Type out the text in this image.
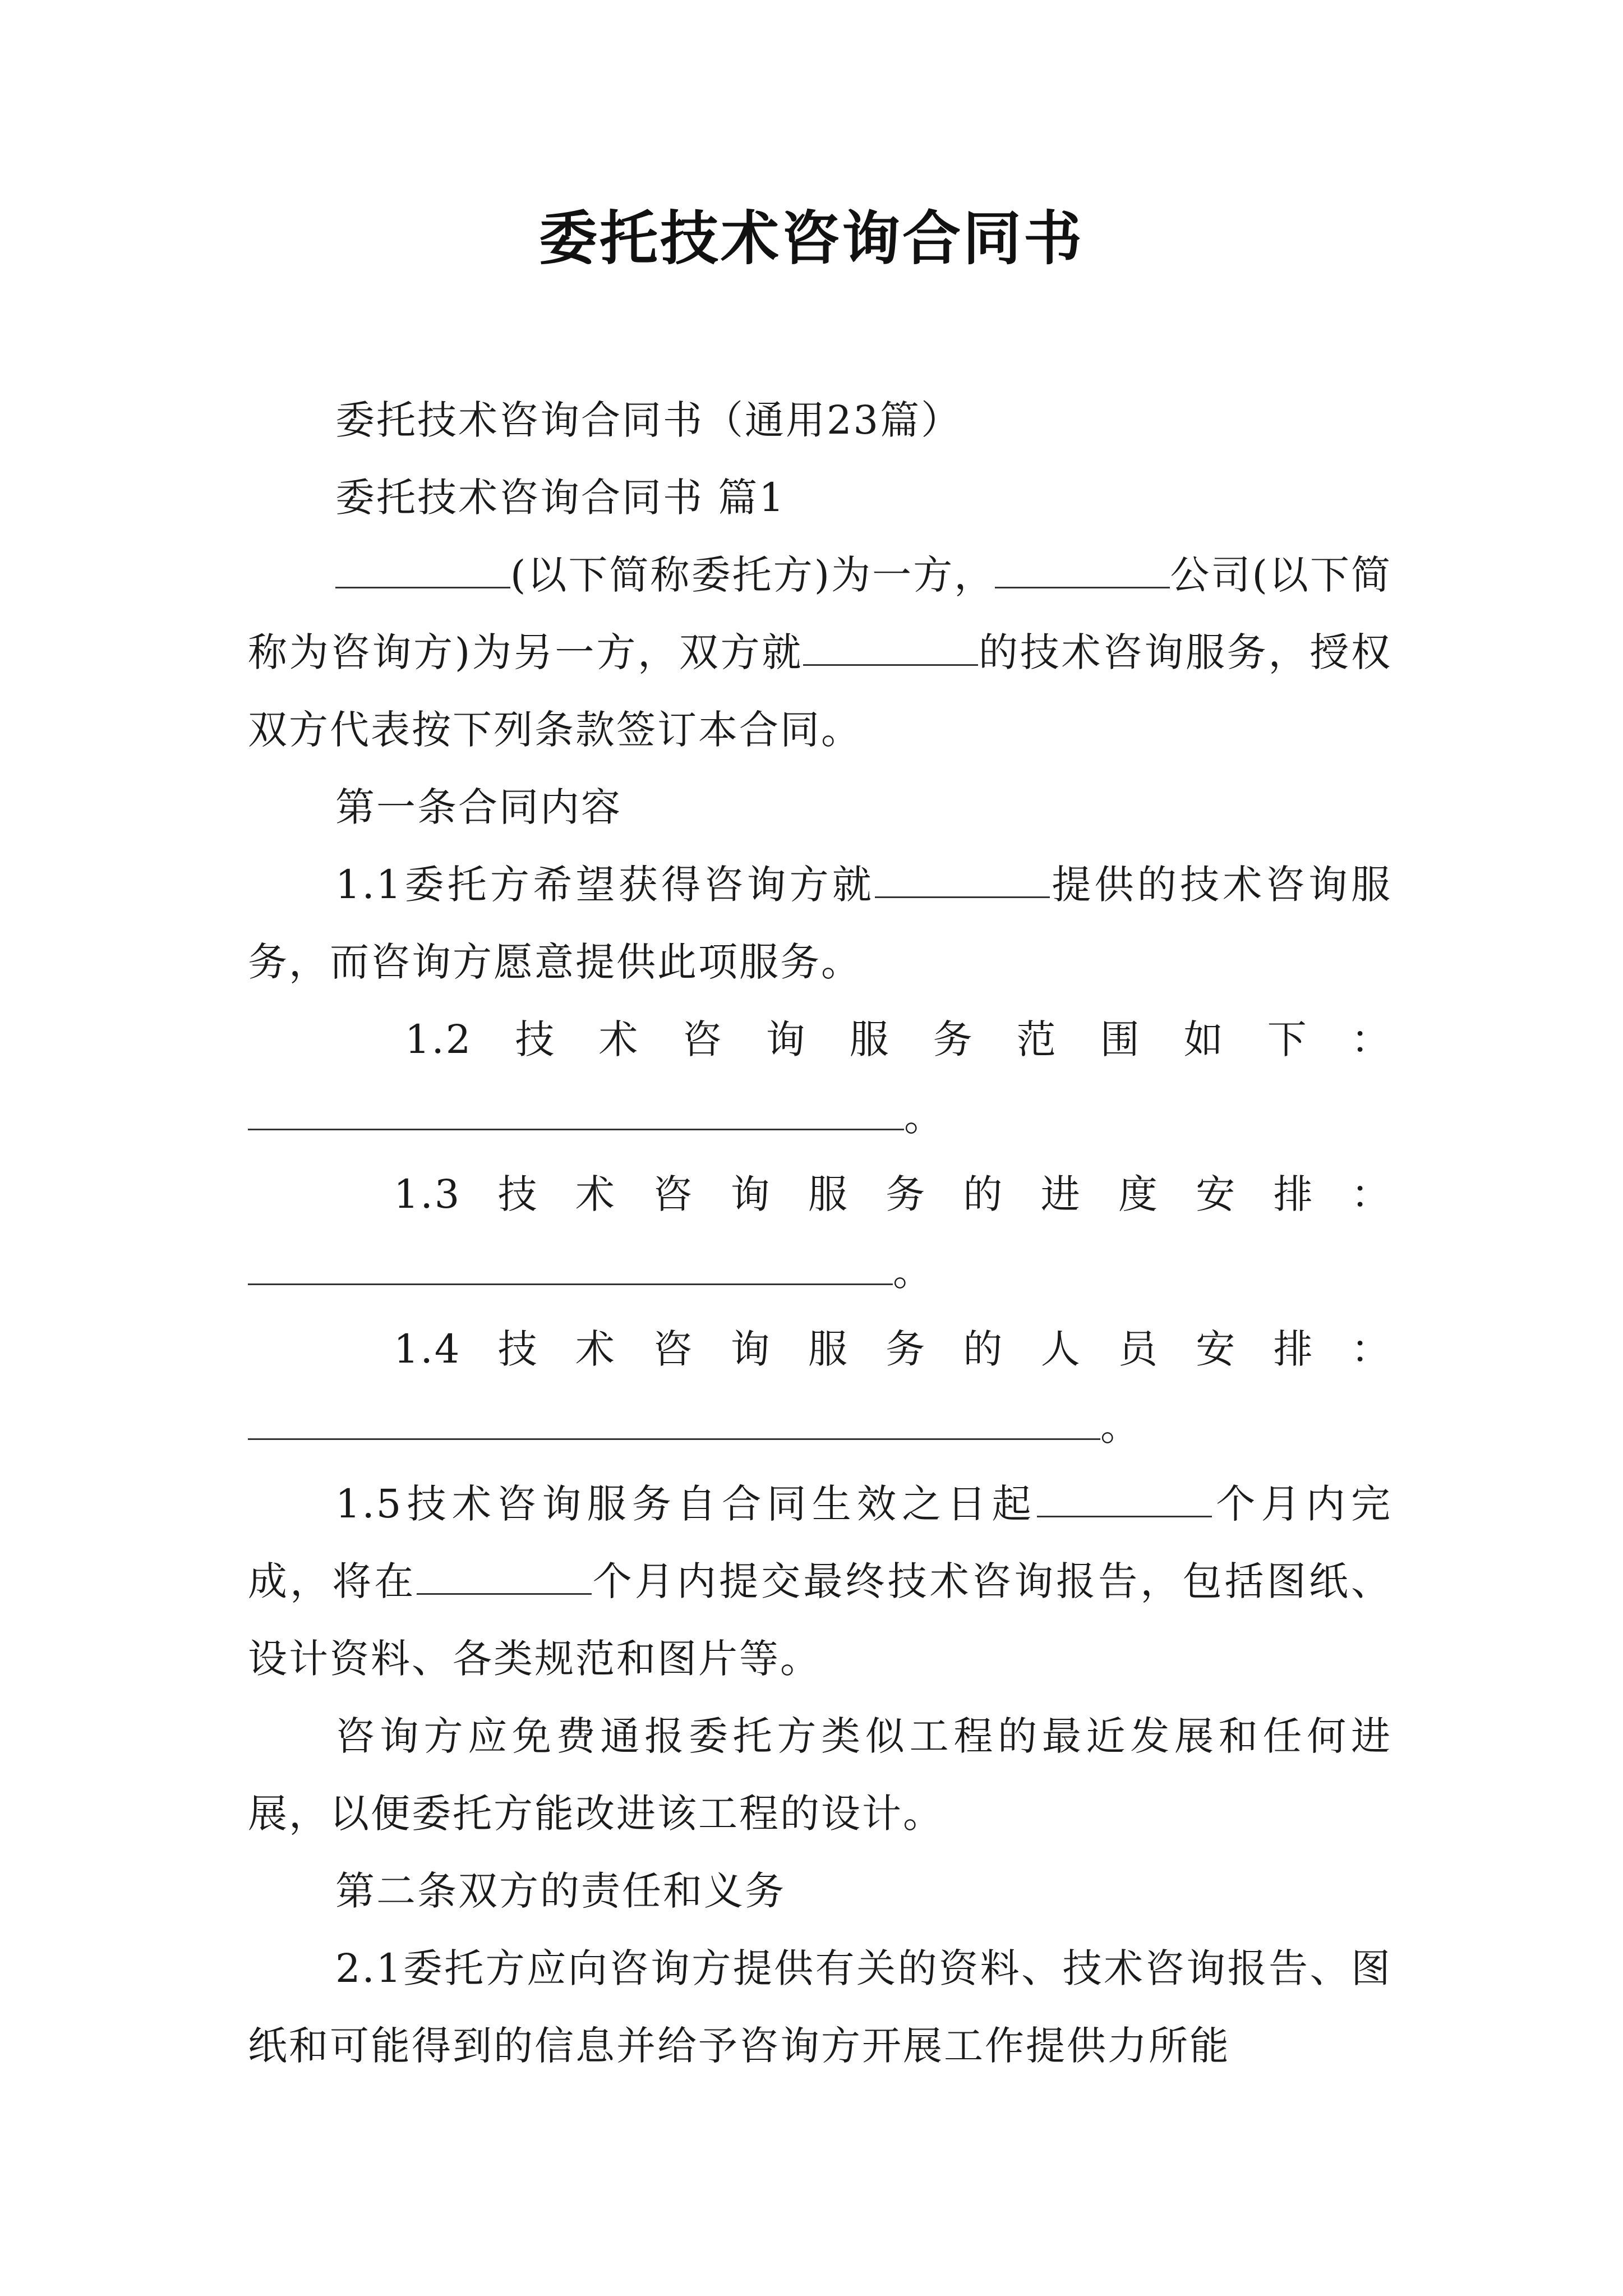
委托技术咨询合同书

委托技术咨询合同书（通用23篇）

委托技术咨询合同书 篇1

(以下简称委托方)为一方，	公司(以下简称为咨询方)为另一方，双方就	的技术咨询服务，授权双方代表按下列条款签订本合同。

第一条合同内容

1.1委托方希望获得咨询方就	提供的技术咨询服务，而咨询方愿意提供此项服务。

1.2 技 术 咨 询 服 务 范 围 如 下 ：

。

1.3 技 术 咨 询 服 务 的 进 度 安 排 ：

。

1.4 技 术 咨 询 服 务 的 人 员 安 排 ：

。

1.5技术咨询服务自合同生效之日起	个月内完成，将在	个月内提交最终技术咨询报告，包括图纸、设计资料、各类规范和图片等。

咨询方应免费通报委托方类似工程的最近发展和任何进展，以便委托方能改进该工程的设计。

第二条双方的责任和义务

2.1委托方应向咨询方提供有关的资料、技术咨询报告、图纸和可能得到的信息并给予咨询方开展工作提供力所能
